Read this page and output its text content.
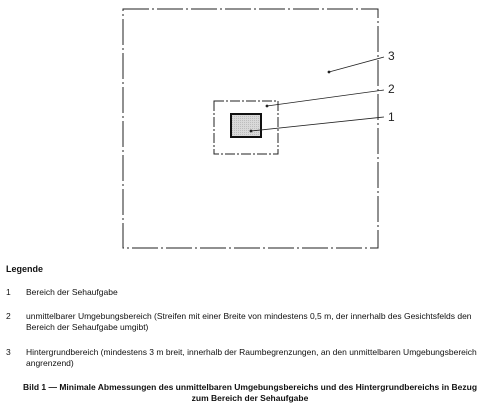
3
2
1
Legende
1	Bereich der Sehaufgabe
2	unmittelbarer Umgebungsbereich (Streifen mit einer Breite von mindestens 0,5 m, der innerhalb des Gesichtsfelds den Bereich der Sehaufgabe umgibt)
3	Hintergrundbereich (mindestens 3 m breit, innerhalb der Raumbegrenzungen, an den unmittelbaren Umgebungsbereich angrenzend)
Bild 1 — Minimale Abmessungen des unmittelbaren Umgebungsbereichs und des Hintergrundbereichs in Bezug zum Bereich der Sehaufgabe
